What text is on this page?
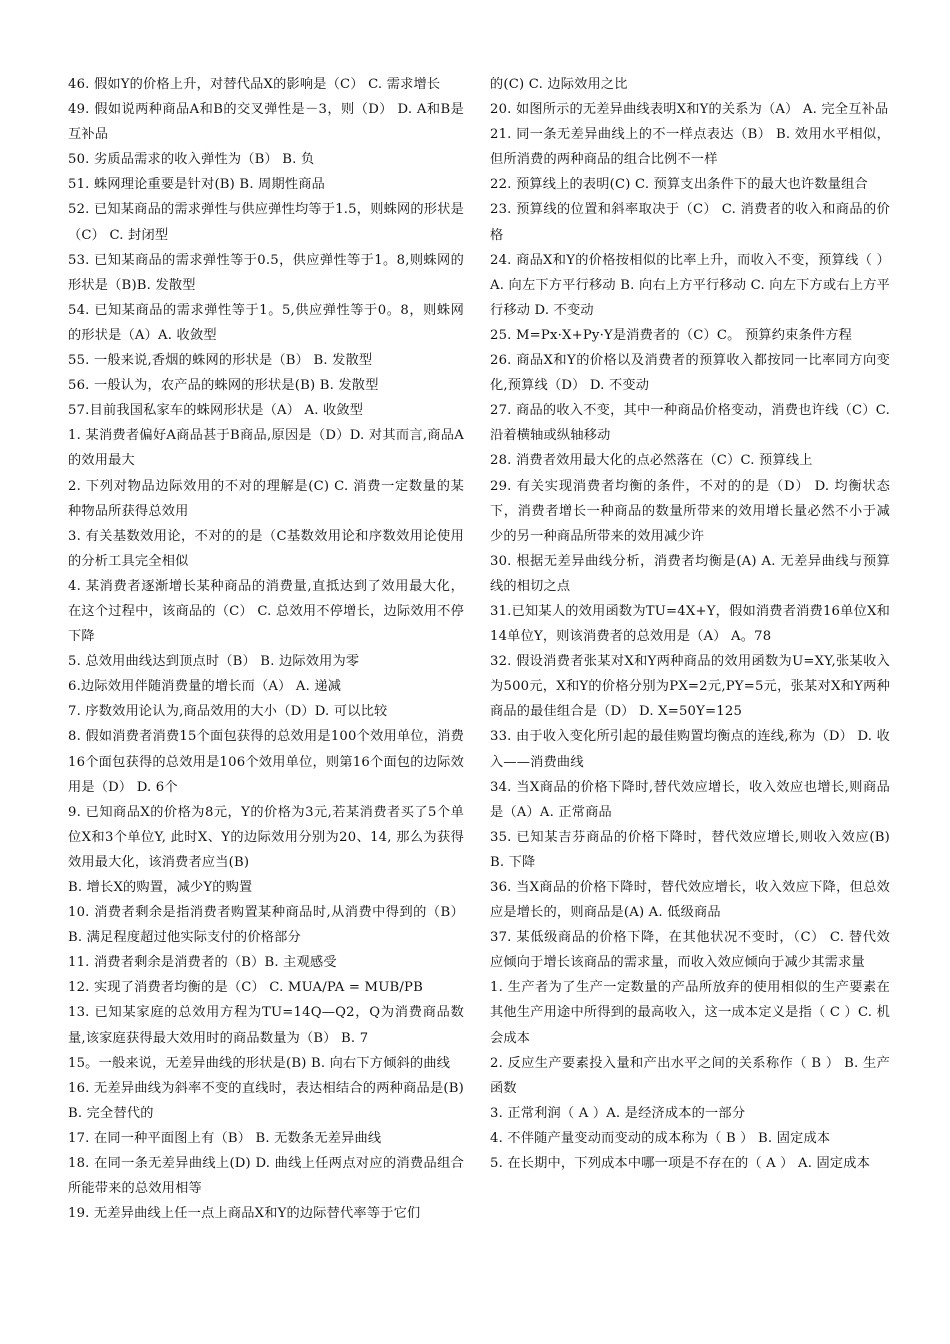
46. 假如Y的价格上升，对替代品X的影响是（C） C. 需求增长

49. 假如说两种商品A和B的交叉弹性是－3，则（D） D. A和B是互补品

50. 劣质品需求的收入弹性为（B） B. 负

51. 蛛网理论重要是针对(B) B. 周期性商品

52. 已知某商品的需求弹性与供应弹性均等于1.5，则蛛网的形状是（C） C. 封闭型

53. 已知某商品的需求弹性等于0.5，供应弹性等于1。8,则蛛网的形状是（B)B. 发散型

54. 已知某商品的需求弹性等于1。5,供应弹性等于0。8，则蛛网的形状是（A）A. 收敛型

55. 一般来说,香烟的蛛网的形状是（B） B. 发散型

56. 一般认为，农产品的蛛网的形状是(B) B. 发散型

57.目前我国私家车的蛛网形状是（A） A. 收敛型

1. 某消费者偏好A商品甚于B商品,原因是（D）D. 对其而言,商品A的效用最大

2. 下列对物品边际效用的不对的理解是(C) C. 消费一定数量的某种物品所获得总效用

3. 有关基数效用论，不对的的是（C基数效用论和序数效用论使用的分析工具完全相似

4. 某消费者逐渐增长某种商品的消费量,直抵达到了效用最大化，在这个过程中，该商品的（C） C. 总效用不停增长，边际效用不停下降

5. 总效用曲线达到顶点时（B） B. 边际效用为零

6.边际效用伴随消费量的增长而（A） A. 递减

7. 序数效用论认为,商品效用的大小（D）D. 可以比较

8. 假如消费者消费15个面包获得的总效用是100个效用单位，消费16个面包获得的总效用是106个效用单位，则第16个面包的边际效用是（D） D. 6个

9. 已知商品X的价格为8元，Y的价格为3元,若某消费者买了5个单位X和3个单位Y, 此时X、Y的边际效用分别为20、14, 那么为获得效用最大化，该消费者应当(B)

B. 增长X的购置，减少Y的购置

10. 消费者剩余是指消费者购置某种商品时,从消费中得到的（B） B. 满足程度超过他实际支付的价格部分

11. 消费者剩余是消费者的（B）B. 主观感受

12. 实现了消费者均衡的是（C） C. MUA/PA = MUB/PB

13. 已知某家庭的总效用方程为TU=14Q—Q2，Q为消费商品数量,该家庭获得最大效用时的商品数量为（B） B. 7

15。一般来说，无差异曲线的形状是(B) B. 向右下方倾斜的曲线

16. 无差异曲线为斜率不变的直线时，表达相结合的两种商品是(B) B. 完全替代的

17. 在同一种平面图上有（B） B. 无数条无差异曲线

18. 在同一条无差异曲线上(D) D. 曲线上任两点对应的消费品组合所能带来的总效用相等

19. 无差异曲线上任一点上商品X和Y的边际替代率等于它们

的(C) C. 边际效用之比

20. 如图所示的无差异曲线表明X和Y的关系为（A） A. 完全互补品

21. 同一条无差异曲线上的不一样点表达（B） B. 效用水平相似，但所消费的两种商品的组合比例不一样

22. 预算线上的表明(C) C. 预算支出条件下的最大也许数量组合

23. 预算线的位置和斜率取决于（C） C. 消费者的收入和商品的价格

24. 商品X和Y的价格按相似的比率上升，而收入不变，预算线（ ） A. 向左下方平行移动 B. 向右上方平行移动 C. 向左下方或右上方平行移动 D. 不变动

25. M=Px·X+Py·Y是消费者的（C）C。 预算约束条件方程

26. 商品X和Y的价格以及消费者的预算收入都按同一比率同方向变化,预算线（D） D. 不变动

27. 商品的收入不变，其中一种商品价格变动，消费也许线（C）C. 沿着横轴或纵轴移动

28. 消费者效用最大化的点必然落在（C）C. 预算线上

29. 有关实现消费者均衡的条件，不对的的是（D） D. 均衡状态下，消费者增长一种商品的数量所带来的效用增长量必然不小于减少的另一种商品所带来的效用减少许

30. 根据无差异曲线分析，消费者均衡是(A) A. 无差异曲线与预算线的相切之点

31.已知某人的效用函数为TU=4X+Y，假如消费者消费16单位X和14单位Y，则该消费者的总效用是（A） A。78

32. 假设消费者张某对X和Y两种商品的效用函数为U=XY,张某收入为500元，X和Y的价格分别为PX=2元,PY=5元，张某对X和Y两种商品的最佳组合是（D） D. X=50Y=125

33. 由于收入变化所引起的最佳购置均衡点的连线,称为（D） D. 收入——消费曲线

34. 当X商品的价格下降时,替代效应增长，收入效应也增长,则商品是（A）A. 正常商品

35. 已知某吉芬商品的价格下降时，替代效应增长,则收入效应(B) B. 下降

36. 当X商品的价格下降时，替代效应增长，收入效应下降，但总效应是增长的，则商品是(A) A. 低级商品

37. 某低级商品的价格下降，在其他状况不变时，（C） C. 替代效应倾向于增长该商品的需求量，而收入效应倾向于减少其需求量

1. 生产者为了生产一定数量的产品所放弃的使用相似的生产要素在其他生产用途中所得到的最高收入，这一成本定义是指（ C ）C. 机会成本

2. 反应生产要素投入量和产出水平之间的关系称作（ B ） B. 生产函数

3. 正常利润（ A ）A. 是经济成本的一部分

4. 不伴随产量变动而变动的成本称为（ B ） B. 固定成本

5. 在长期中，下列成本中哪一项是不存在的（ A ） A. 固定成本
